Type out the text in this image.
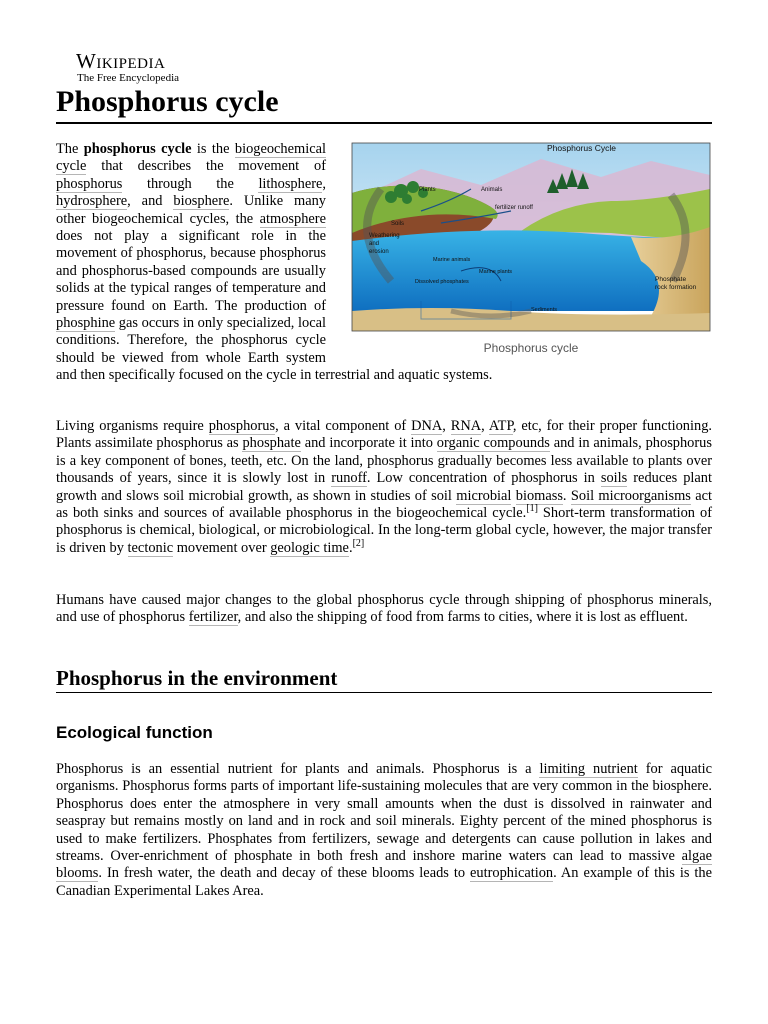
Wikipedia
The Free Encyclopedia
Phosphorus cycle
Phosphorus Cycle
Plants	Animals
Soils
fertilizer runoff
Weathering
and
erosion
Marine animals
Marine plants
Dissolved phosphates
Sediments
Phosphate
rock formation
Phosphorus cycle

The phosphorus cycle is the biogeochemical cycle that describes the movement of phosphorus through the lithosphere, hydrosphere, and biosphere. Unlike many other biogeochemical cycles, the atmosphere does not play a significant role in the movement of phosphorus, because phosphorus and phosphorus-based compounds are usually solids at the typical ranges of temperature and pressure found on Earth. The production of phosphine gas occurs in only specialized, local conditions. Therefore, the phosphorus cycle should be viewed from whole Earth system and then specifically focused on the cycle in terrestrial and aquatic systems.

Living organisms require phosphorus, a vital component of DNA, RNA, ATP, etc, for their proper functioning. Plants assimilate phosphorus as phosphate and incorporate it into organic compounds and in animals, phosphorus is a key component of bones, teeth, etc. On the land, phosphorus gradually becomes less available to plants over thousands of years, since it is slowly lost in runoff. Low concentration of phosphorus in soils reduces plant growth and slows soil microbial growth, as shown in studies of soil microbial biomass. Soil microorganisms act as both sinks and sources of available phosphorus in the biogeochemical cycle.[1] Short-term transformation of phosphorus is chemical, biological, or microbiological. In the long-term global cycle, however, the major transfer is driven by tectonic movement over geologic time.[2]

Humans have caused major changes to the global phosphorus cycle through shipping of phosphorus minerals, and use of phosphorus fertilizer, and also the shipping of food from farms to cities, where it is lost as effluent.

Phosphorus in the environment
Ecological function

Phosphorus is an essential nutrient for plants and animals. Phosphorus is a limiting nutrient for aquatic organisms. Phosphorus forms parts of important life-sustaining molecules that are very common in the biosphere. Phosphorus does enter the atmosphere in very small amounts when the dust is dissolved in rainwater and seaspray but remains mostly on land and in rock and soil minerals. Eighty percent of the mined phosphorus is used to make fertilizers. Phosphates from fertilizers, sewage and detergents can cause pollution in lakes and streams. Over-enrichment of phosphate in both fresh and inshore marine waters can lead to massive algae blooms. In fresh water, the death and decay of these blooms leads to eutrophication. An example of this is the Canadian Experimental Lakes Area.
